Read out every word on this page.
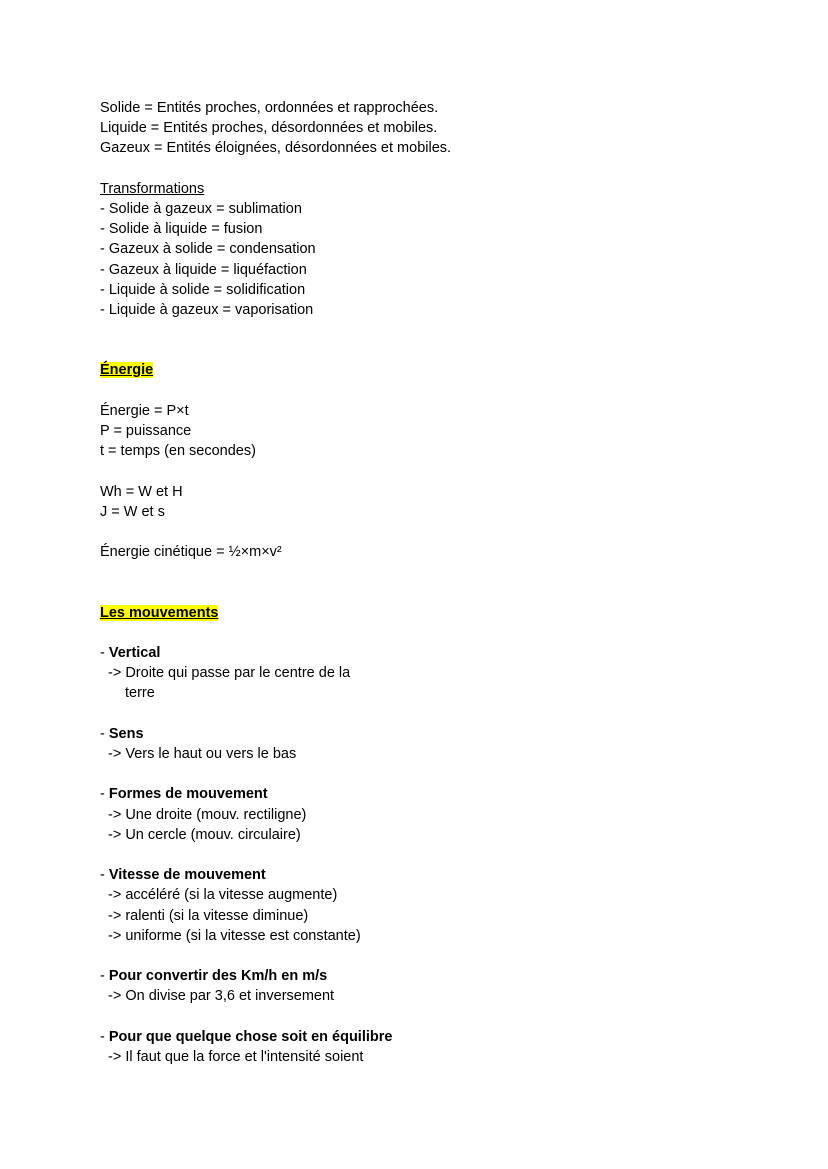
Solide = Entités proches, ordonnées et rapprochées.
Liquide = Entités proches, désordonnées et mobiles.
Gazeux = Entités éloignées, désordonnées et mobiles.
Transformations
- Solide à gazeux = sublimation
- Solide à liquide = fusion
- Gazeux à solide = condensation
- Gazeux à liquide = liquéfaction
- Liquide à solide = solidification
- Liquide à gazeux = vaporisation
Énergie
Énergie = P×t
P = puissance
t = temps (en secondes)
Wh = W et H
J = W et s
Énergie cinétique = ½×m×v²
Les mouvements
- Vertical
-> Droite qui passe par le centre de la
terre
- Sens
-> Vers le haut ou vers le bas
- Formes de mouvement
-> Une droite (mouv. rectiligne)
-> Un cercle (mouv. circulaire)
- Vitesse de mouvement
-> accéléré (si la vitesse augmente)
-> ralenti (si la vitesse diminue)
-> uniforme (si la vitesse est constante)
- Pour convertir des Km/h en m/s
-> On divise par 3,6 et inversement
- Pour que quelque chose soit en équilibre
-> Il faut que la force et l'intensité soient
